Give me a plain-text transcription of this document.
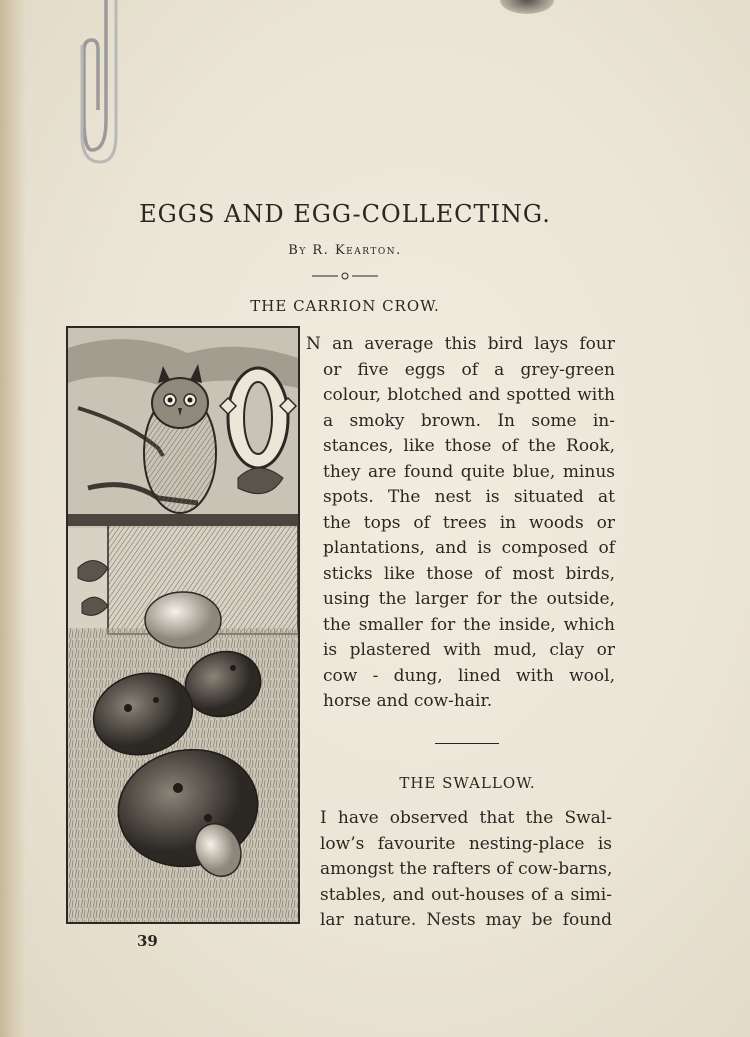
EGGS AND EGG-COLLECTING.
By R. Kearton.
THE CARRION CROW.
N an average this bird lays four
or five eggs of a grey-green
colour, blotched and spotted with
a smoky brown. In some in-
stances, like those of the Rook,
they are found quite blue, minus
spots. The nest is situated at
the tops of trees in woods or
plantations, and is composed of
sticks like those of most birds,
using the larger for the outside,
the smaller for the inside, which
is plastered with mud, clay or
cow - dung, lined with wool,
horse and cow-hair.
THE SWALLOW.
I have observed that the Swal-
low’s favourite nesting-place is
amongst the rafters of cow-barns,
stables, and out-houses of a simi-
lar nature. Nests may be found
39
